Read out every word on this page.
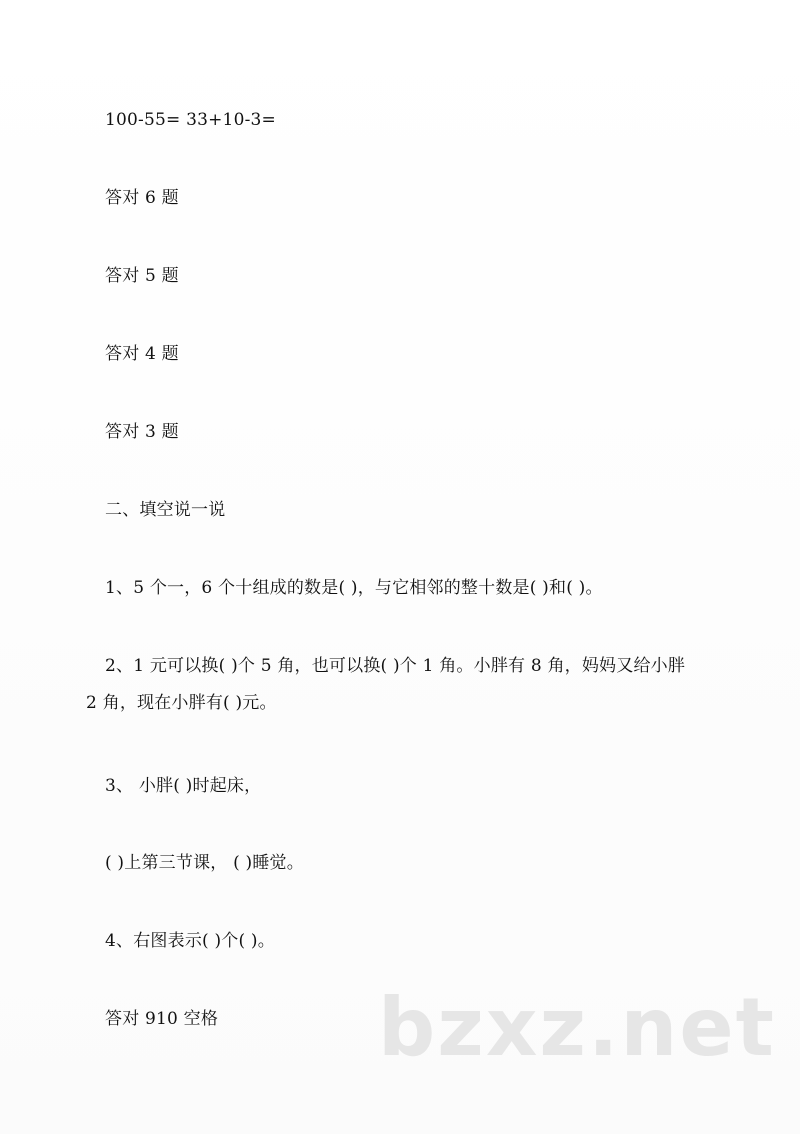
100-55= 33+10-3=
答对 6 题
答对 5 题
答对 4 题
答对 3 题
二、填空说一说
1、5 个一，6 个十组成的数是( )，与它相邻的整十数是( )和( )。
2、1 元可以换( )个 5 角，也可以换( )个 1 角。小胖有 8 角，妈妈又给小胖
2 角，现在小胖有( )元。
3、 小胖( )时起床，
( )上第三节课， ( )睡觉。
4、右图表示( )个( )。
答对 910 空格 bzxz.net
